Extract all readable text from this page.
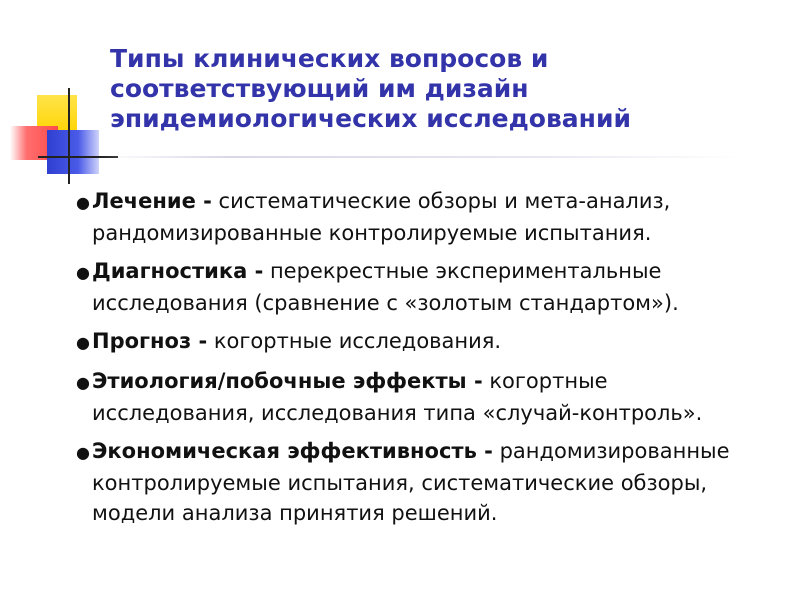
Типы клинических вопросов и
соответствующий им дизайн
эпидемиологических исследований
●Лечение - систематические обзоры и мета-анализ, рандомизированные контролируемые испытания.
●Диагностика - перекрестные экспериментальные исследования (сравнение с «золотым стандартом»).
●Прогноз - когортные исследования.
●Этиология/побочные эффекты - когортные исследования, исследования типа «случай-контроль».
●Экономическая эффективность - рандомизированные контролируемые испытания, систематические обзоры, модели анализа принятия решений.
